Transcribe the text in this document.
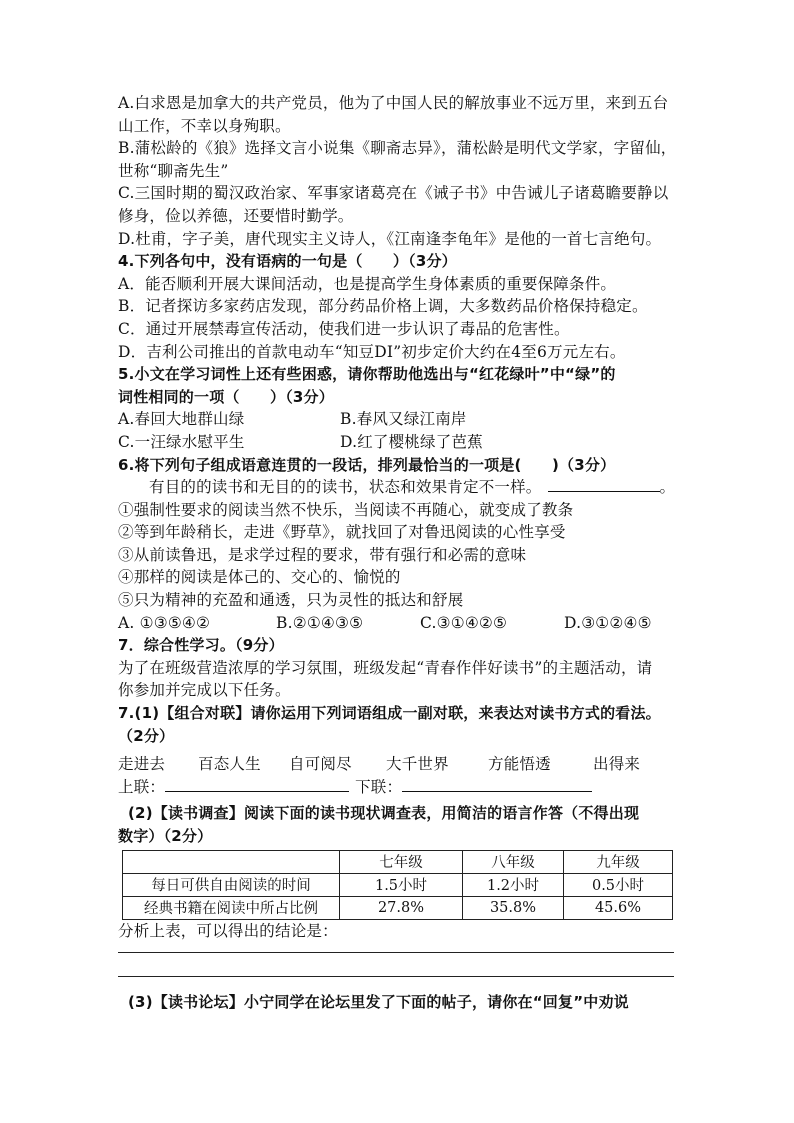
A.白求恩是加拿大的共产党员，他为了中国人民的解放事业不远万里，来到五台
山工作，不幸以身殉职。
B.蒲松龄的《狼》选择文言小说集《聊斋志异》，蒲松龄是明代文学家，字留仙，
世称“聊斋先生”
C.三国时期的蜀汉政治家、军事家诸葛亮在《诫子书》中告诫儿子诸葛瞻要静以
修身，俭以养德，还要惜时勤学。
D.杜甫，字子美，唐代现实主义诗人，《江南逢李龟年》是他的一首七言绝句。
4.下列各句中，没有语病的一句是（　　）（3分）
A．能否顺利开展大课间活动，也是提高学生身体素质的重要保障条件。
B．记者探访多家药店发现，部分药品价格上调，大多数药品价格保持稳定。
C．通过开展禁毒宣传活动，使我们进一步认识了毒品的危害性。
D．吉利公司推出的首款电动车“知豆DI”初步定价大约在4至6万元左右。
5.小文在学习词性上还有些困惑，请你帮助他选出与“红花绿叶”中“绿”的
词性相同的一项（　　）（3分）
A.春回大地群山绿	B.春风又绿江南岸
C.一汪绿水慰平生	D.红了樱桃绿了芭蕉
6.将下列句子组成语意连贯的一段话，排列最恰当的一项是(　　)（3分）
有目的的读书和无目的的读书，状态和效果肯定不一样。	。
①强制性要求的阅读当然不快乐，当阅读不再随心，就变成了教条
②等到年龄稍长，走进《野草》，就找回了对鲁迅阅读的心性享受
③从前读鲁迅，是求学过程的要求，带有强行和必需的意味
④那样的阅读是体己的、交心的、愉悦的
⑤只为精神的充盈和通透，只为灵性的抵达和舒展
A. ①③⑤④②	B.②①④③⑤	C.③①④②⑤	D.③①②④⑤
7．综合性学习。（9分）
为了在班级营造浓厚的学习氛围，班级发起“青春作伴好读书”的主题活动，请
你参加并完成以下任务。
7.(1)【组合对联】请你运用下列词语组成一副对联，来表达对读书方式的看法。
（2分）
走进去	百态人生	自可阅尽	大千世界	方能悟透	出得来
上联：	下联：
(2)【读书调查】阅读下面的读书现状调查表，用简洁的语言作答（不得出现
数字）（2分）
	七年级	八年级	九年级
每日可供自由阅读的时间	1.5小时	1.2小时	0.5小时
经典书籍在阅读中所占比例	27.8%	35.8%	45.6%
分析上表，可以得出的结论是：
(3)【读书论坛】小宁同学在论坛里发了下面的帖子，请你在“回复”中劝说
